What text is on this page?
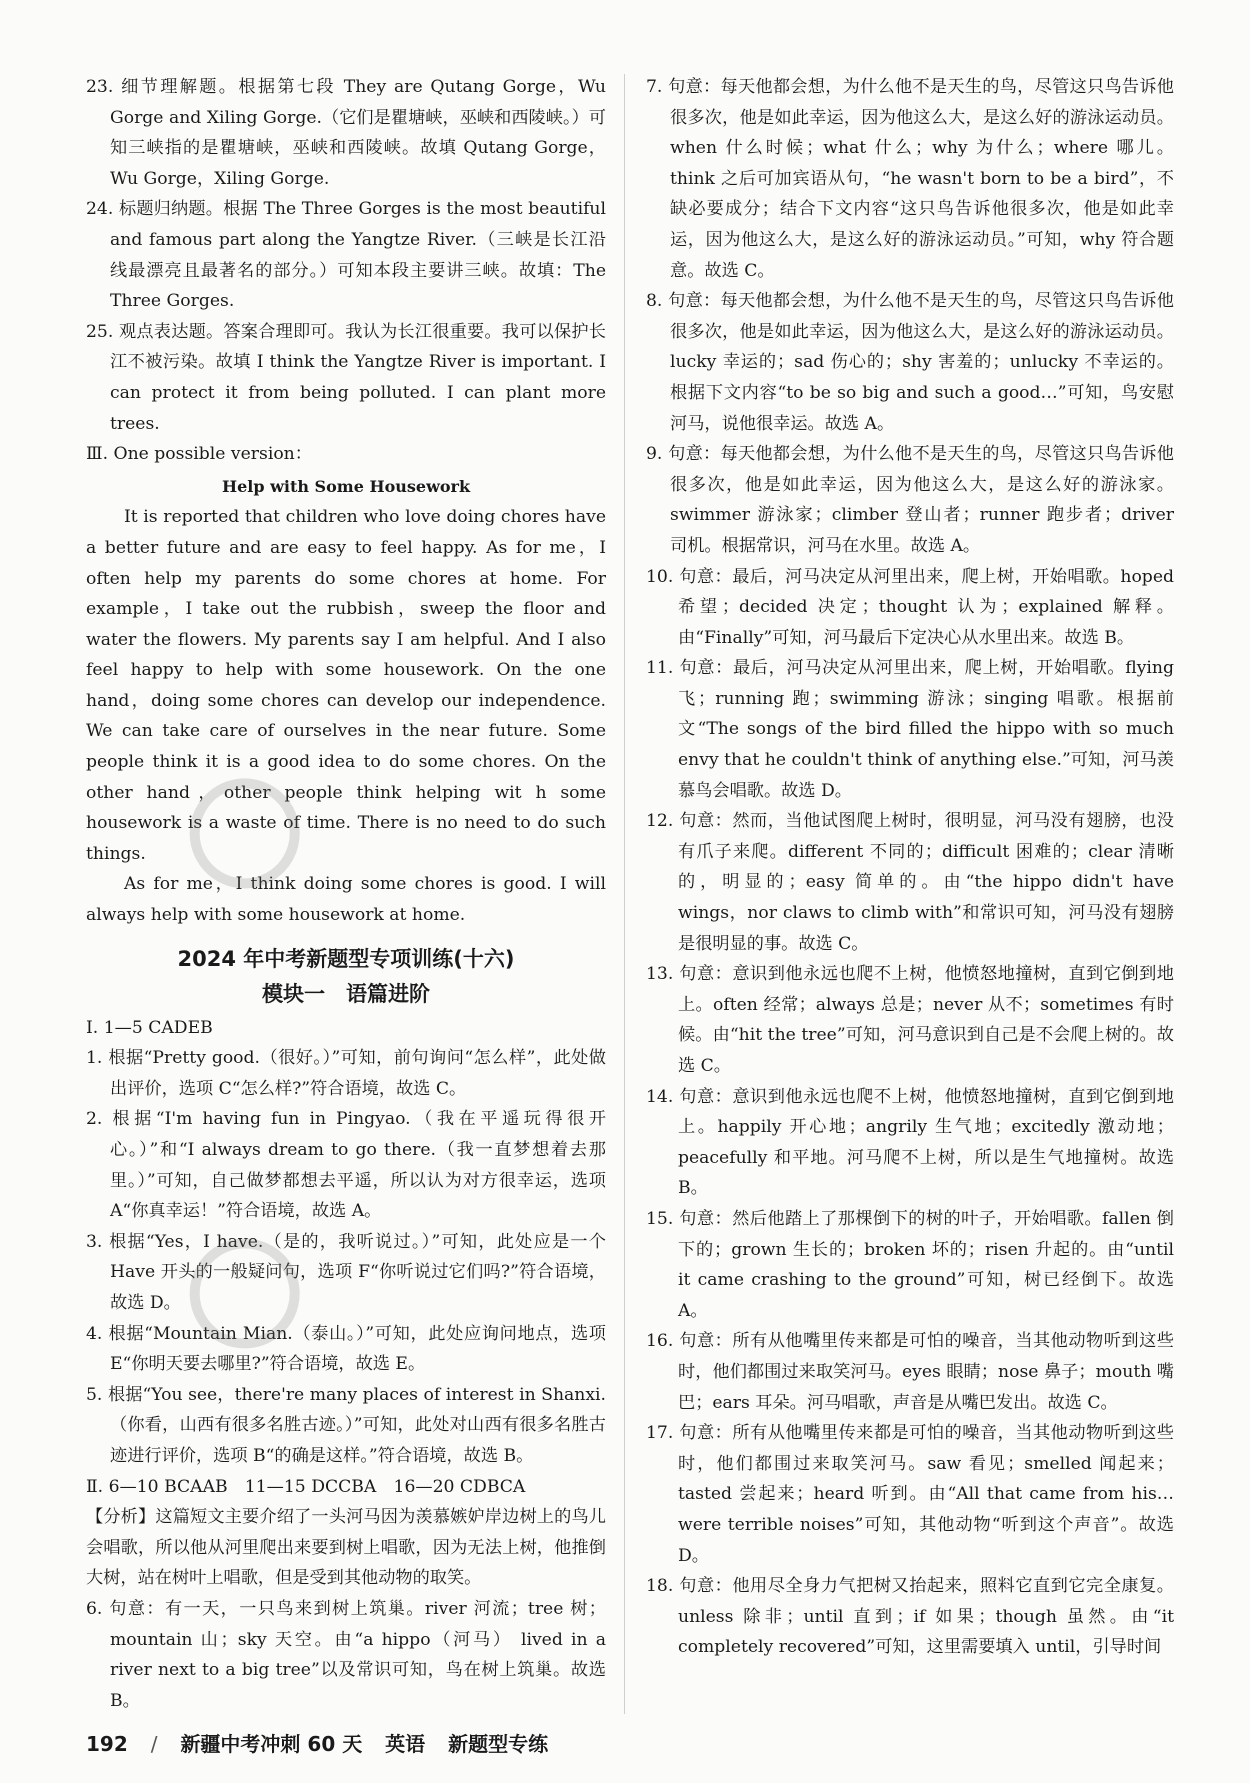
23. 细节理解题。根据第七段 They are Qutang Gorge，Wu Gorge and Xiling Gorge.（它们是瞿塘峡，巫峡和西陵峡。）可知三峡指的是瞿塘峡，巫峡和西陵峡。故填 Qutang Gorge，Wu Gorge，Xiling Gorge.

24. 标题归纳题。根据 The Three Gorges is the most beautiful and famous part along the Yangtze River.（三峡是长江沿线最漂亮且最著名的部分。）可知本段主要讲三峡。故填：The Three Gorges.

25. 观点表达题。答案合理即可。我认为长江很重要。我可以保护长江不被污染。故填 I think the Yangtze River is important. I can protect it from being polluted. I can plant more trees.

Ⅲ. One possible version：

Help with Some Housework

It is reported that children who love doing chores have a better future and are easy to feel happy. As for me，I often help my parents do some chores at home. For example，I take out the rubbish，sweep the floor and water the flowers. My parents say I am helpful. And I also feel happy to help with some housework. On the one hand，doing some chores can develop our independence. We can take care of ourselves in the near future. Some people think it is a good idea to do some chores. On the other hand，other people think helping wit h some housework is a waste of time. There is no need to do such things.

As for me，I think doing some chores is good. I will always help with some housework at home.

2024 年中考新题型专项训练(十六)

模块一　语篇进阶

Ⅰ. 1—5 CADEB

1. 根据“Pretty good.（很好。）”可知，前句询问“怎么样”，此处做出评价，选项 C“怎么样?”符合语境，故选 C。

2. 根据“I'm having fun in Pingyao.（我在平遥玩得很开心。）”和“I always dream to go there.（我一直梦想着去那里。）”可知，自己做梦都想去平遥，所以认为对方很幸运，选项 A“你真幸运！”符合语境，故选 A。

3. 根据“Yes，I have.（是的，我听说过。）”可知，此处应是一个 Have 开头的一般疑问句，选项 F“你听说过它们吗?”符合语境，故选 D。

4. 根据“Mountain Mian.（泰山。）”可知，此处应询问地点，选项 E“你明天要去哪里?”符合语境，故选 E。

5. 根据“You see，there're many places of interest in Shanxi.（你看，山西有很多名胜古迹。）”可知，此处对山西有很多名胜古迹进行评价，选项 B“的确是这样。”符合语境，故选 B。

Ⅱ. 6—10 BCAAB　11—15 DCCBA　16—20 CDBCA

【分析】这篇短文主要介绍了一头河马因为羡慕嫉妒岸边树上的鸟儿会唱歌，所以他从河里爬出来要到树上唱歌，因为无法上树，他推倒大树，站在树叶上唱歌，但是受到其他动物的取笑。

6. 句意：有一天，一只鸟来到树上筑巢。river 河流；tree 树；mountain 山；sky 天空。由“a hippo（河马） lived in a river next to a big tree”以及常识可知，鸟在树上筑巢。故选 B。

7. 句意：每天他都会想，为什么他不是天生的鸟，尽管这只鸟告诉他很多次，他是如此幸运，因为他这么大，是这么好的游泳运动员。when 什么时候；what 什么；why 为什么；where 哪儿。think 之后可加宾语从句，“he wasn't born to be a bird”，不缺必要成分；结合下文内容“这只鸟告诉他很多次，他是如此幸运，因为他这么大，是这么好的游泳运动员。”可知，why 符合题意。故选 C。

8. 句意：每天他都会想，为什么他不是天生的鸟，尽管这只鸟告诉他很多次，他是如此幸运，因为他这么大，是这么好的游泳运动员。lucky 幸运的；sad 伤心的；shy 害羞的；unlucky 不幸运的。根据下文内容“to be so big and such a good…”可知，鸟安慰河马，说他很幸运。故选 A。

9. 句意：每天他都会想，为什么他不是天生的鸟，尽管这只鸟告诉他很多次，他是如此幸运，因为他这么大，是这么好的游泳家。swimmer 游泳家；climber 登山者；runner 跑步者；driver 司机。根据常识，河马在水里。故选 A。

10. 句意：最后，河马决定从河里出来，爬上树，开始唱歌。hoped 希望；decided 决定；thought 认为；explained 解释。由“Finally”可知，河马最后下定决心从水里出来。故选 B。

11. 句意：最后，河马决定从河里出来，爬上树，开始唱歌。flying 飞；running 跑；swimming 游泳；singing 唱歌。根据前文“The songs of the bird filled the hippo with so much envy that he couldn't think of anything else.”可知，河马羡慕鸟会唱歌。故选 D。

12. 句意：然而，当他试图爬上树时，很明显，河马没有翅膀，也没有爪子来爬。different 不同的；difficult 困难的；clear 清晰的，明显的；easy 简单的。由“the hippo didn't have wings，nor claws to climb with”和常识可知，河马没有翅膀是很明显的事。故选 C。

13. 句意：意识到他永远也爬不上树，他愤怒地撞树，直到它倒到地上。often 经常；always 总是；never 从不；sometimes 有时候。由“hit the tree”可知，河马意识到自己是不会爬上树的。故选 C。

14. 句意：意识到他永远也爬不上树，他愤怒地撞树，直到它倒到地上。happily 开心地；angrily 生气地；excitedly 激动地；peacefully 和平地。河马爬不上树，所以是生气地撞树。故选 B。

15. 句意：然后他踏上了那棵倒下的树的叶子，开始唱歌。fallen 倒下的；grown 生长的；broken 坏的；risen 升起的。由“until it came crashing to the ground”可知，树已经倒下。故选 A。

16. 句意：所有从他嘴里传来都是可怕的噪音，当其他动物听到这些时，他们都围过来取笑河马。eyes 眼睛；nose 鼻子；mouth 嘴巴；ears 耳朵。河马唱歌，声音是从嘴巴发出。故选 C。

17. 句意：所有从他嘴里传来都是可怕的噪音，当其他动物听到这些时，他们都围过来取笑河马。saw 看见；smelled 闻起来；tasted 尝起来；heard 听到。由“All that came from his… were terrible noises”可知，其他动物“听到这个声音”。故选 D。

18. 句意：他用尽全身力气把树又抬起来，照料它直到它完全康复。unless 除非；until 直到；if 如果；though 虽然。由“it completely recovered”可知，这里需要填入 until，引导时间

192 / 新疆中考冲刺 60 天 英语 新题型专练
